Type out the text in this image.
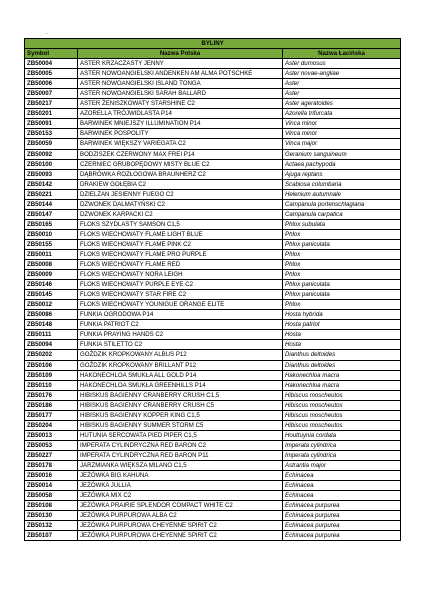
-
BYLINY		
Symbol	Nazwa Polska	Nazwa Łacińska
ZB50004	ASTER KRZACZASTY JENNY	Aster dumosus
ZB50005	ASTER NOWOANGIELSKI ANDENKEN AM ALMA POTSCHKE	Aster novae-angliae
ZB50006	ASTER NOWOANGIELSKI ISLAND TONGA	Aster
ZB50007	ASTER NOWOANGIELSKI SARAH BALLARD	Aster
ZB50217	ASTER ŻENISZKOWATY STARSHINE C2	Aster ageratoides
ZB50201	AZORELLA TRÓJWIDLASTA P14	Azorella trifurcata
ZB50091	BARWINEK MNIEJSZY ILLUMINATION P14	Vinca minor
ZB50153	BARWINEK POSPOLITY	Vinca minor
ZB50059	BARWINEK WIĘKSZY VARIEGATA C2	Vinca major
ZB50092	BODZISZEK CZERWONY MAX FREI P14	Geranium sanguineum
ZB50100	CZERNIEC GRUBOPĘDOWY MISTY BLUE C2	Actaea pachypoda
ZB50093	DĄBRÓWKA ROZŁOGOWA BRAUNHERZ C2	Ajuga reptans
ZB50142	DRAKIEW GOŁĘBIA C2	Scabiosa columbaria
ZB50221	DZIELŻAN JESIENNY FUEGO C2	Helenium autumnale
ZB50144	DZWONEK DALMATYŃSKI C2	Campanula portenschlagiana
ZB50147	DZWONEK KARPACKI C2	Campanula carpatica
ZB50165	FLOKS SZYDLASTY SAMSON C1,5	Phlox subulata
ZB50010	FLOKS WIECHOWATY FLAME LIGHT BLUE	Phlox
ZB50155	FLOKS WIECHOWATY FLAME PINK C2	Phlox paniculata
ZB50011	FLOKS WIECHOWATY FLAME PRO PURPLE	Phlox
ZB50008	FLOKS WIECHOWATY FLAME RED	Phlox
ZB50009	FLOKS WIECHOWATY NORA LEIGH	Phlox
ZB50146	FLOKS WIECHOWATY PURPLE EYE C2	Phlox paniculata
ZB50145	FLOKS WIECHOWATY STAR FIRE C2	Phlox paniculata
ZB50012	FLOKS WIECHOWATY YOUNIGUE ORANGE ELITE	Phlox
ZB50086	FUNKIA OGRODOWA P14	Hosta hybrida
ZB50148	FUNKIA PATRIOT C2	Hosta patriot
ZB50111	FUNKIA PRAYING HANDS C2	Hosta
ZB50094	FUNKIA STILETTO C2	Hosta
ZB50202	GOŹDZIK KROPKOWANY ALBUS P12	Dianthus deltoides
ZB50106	GOŹDZIK KROPKOWANY BRILLANT P12	Dianthus deltoides
ZB50109	HAKONECHLOA SMUKŁA ALL GOLD P14	Hakonechloa macra
ZB50110	HAKONECHLOA SMUKŁA GREENHILLS P14	Hakonechloa macra
ZB50176	HIBISKUS BAGIENNY CRANBERRY CRUSH C1,5	Hibiscus moscheutos
ZB50186	HIBISKUS BAGIENNY CRANBERRY CRUSH C5	Hibiscus moscheutos
ZB50177	HIBISKUS BAGIENNY KOPPER KING C1,5	Hibiscus moscheutos
ZB50204	HIBISKUS BAGIENNY SUMMER STORM C5	Hibiscus moscheutos
ZB50013	HUTUNIA SERCOWATA PIED PIPER C1,5	Houttuynia cordata
ZB50053	IMPERATA CYLINDRYCZNA RED BARON C2	Imperata cylindrica
ZB50227	IMPERATA CYLINDRYCZNA RED BARON P11	Imperata cylindrica
ZB50178	JARZMIANKA WIĘKSZA MILANO C1,5	Astrantia major
ZB50016	JEŻÓWKA BIG KAHUNA	Echinacea
ZB50014	JEŻÓWKA JULLIA	Echinacea
ZB50058	JEŻÓWKA MIX C2	Echinacea
ZB50108	JEŻÓWKA PRAIRIE SPLENDOR COMPACT WHITE C2	Echinacea purpurea
ZB50130	JEŻÓWKA PURPUROWA ALBA C2	Echinacea purpurea
ZB50132	JEŻÓWKA PURPUROWA CHEYENNE SPIRIT C2	Echinacea purpurea
ZB50107	JEŻÓWKA PURPUROWA CHEYENNE SPIRIT C2	Echinacea purpurea
